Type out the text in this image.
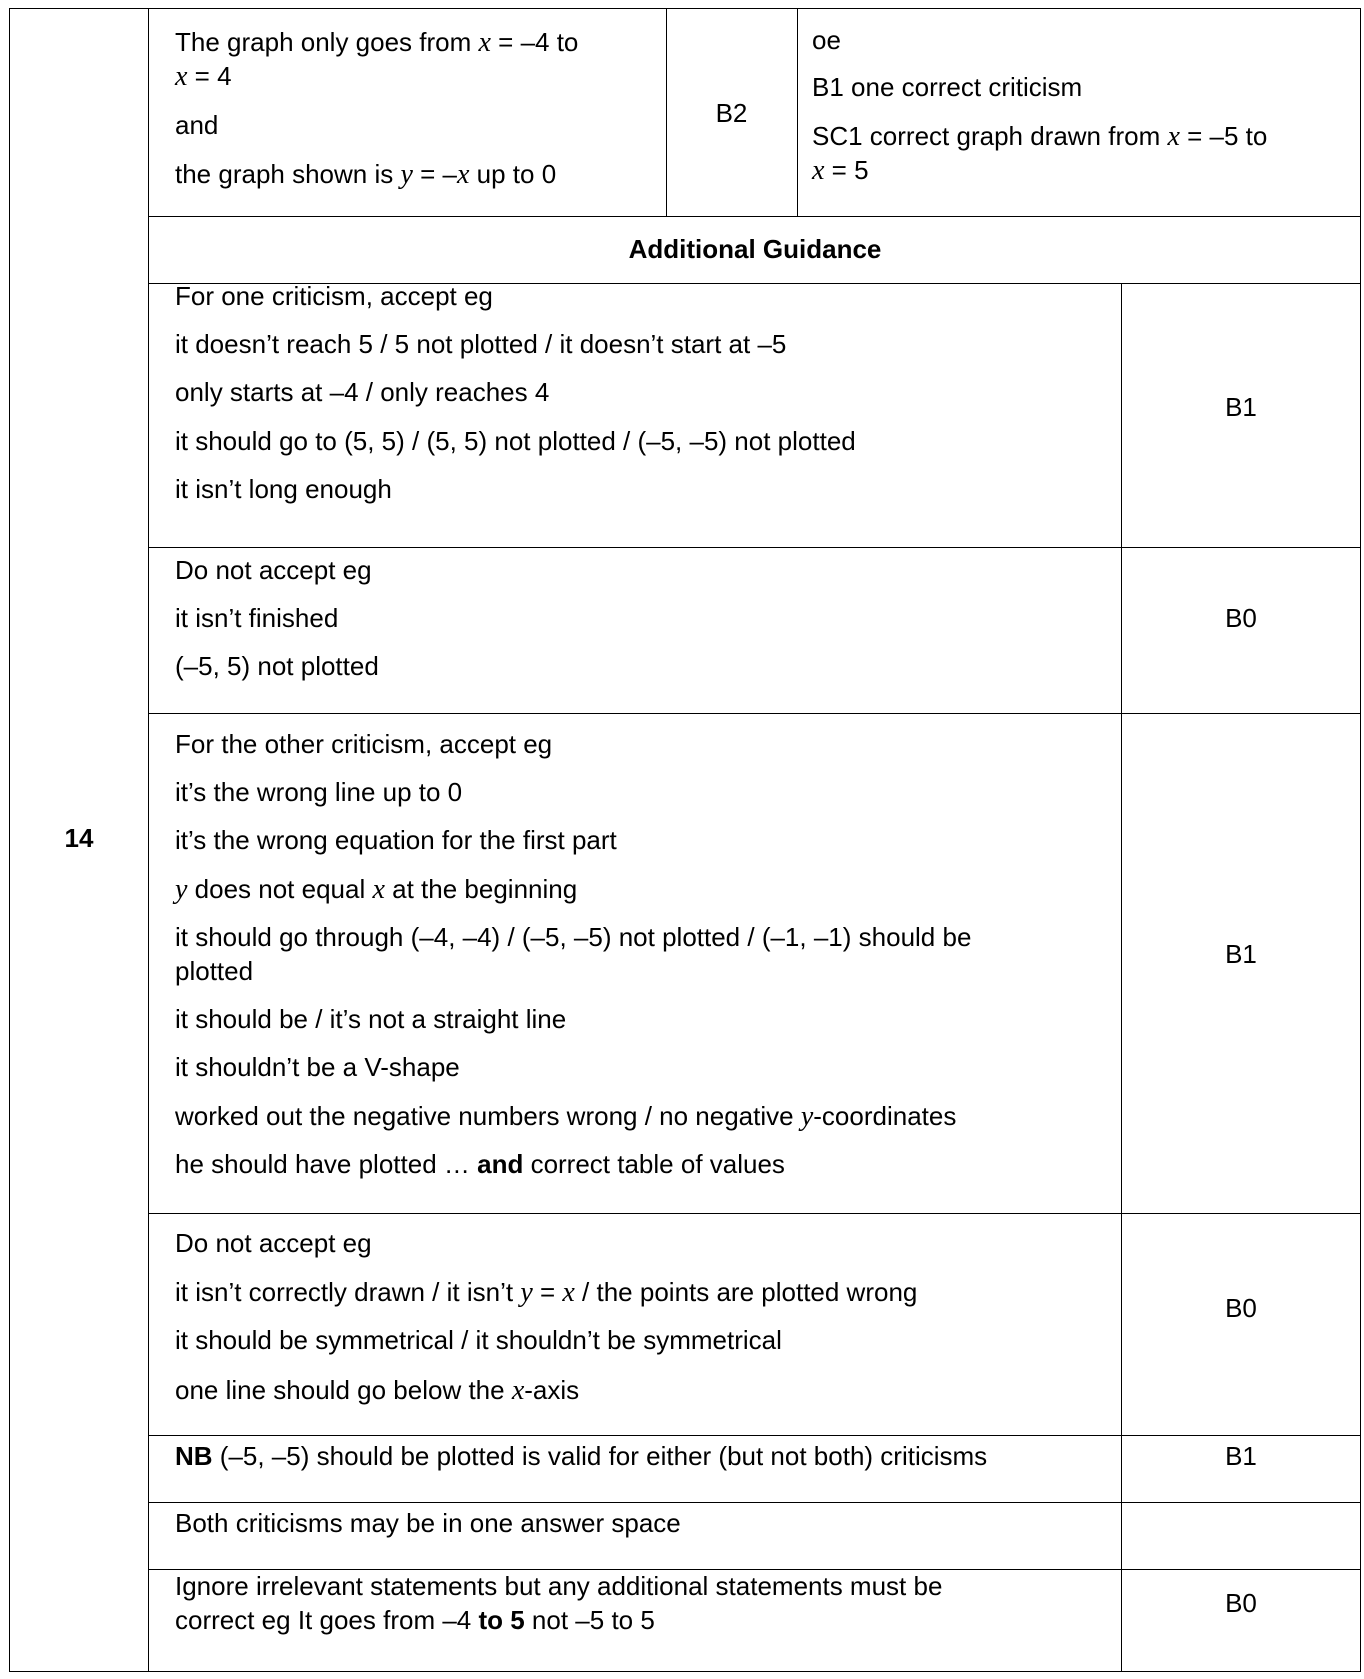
14
B2
Additional Guidance
The graph only goes from x = –4 to
x = 4
and
the graph shown is y = –x up to 0
oe
B1 one correct criticism
SC1 correct graph drawn from x = –5 to
x = 5
For one criticism, accept eg
it doesn’t reach 5 / 5 not plotted / it doesn’t start at –5
only starts at –4 / only reaches 4
it should go to (5, 5) / (5, 5) not plotted / (–5, –5) not plotted
it isn’t long enough
B1
Do not accept eg
it isn’t finished
(–5, 5) not plotted
B0
For the other criticism, accept eg
it’s the wrong line up to 0
it’s the wrong equation for the first part
y does not equal x at the beginning
it should go through (–4, –4) / (–5, –5) not plotted / (–1, –1) should be
plotted
it should be / it’s not a straight line
it shouldn’t be a V-shape
worked out the negative numbers wrong / no negative y-coordinates
he should have plotted … and correct table of values
B1
Do not accept eg
it isn’t correctly drawn / it isn’t y = x / the points are plotted wrong
it should be symmetrical / it shouldn’t be symmetrical
one line should go below the x-axis
B0
NB (–5, –5) should be plotted is valid for either (but not both) criticisms	B1
Both criticisms may be in one answer space
Ignore irrelevant statements but any additional statements must be
correct eg It goes from –4 to 5 not –5 to 5
B0
